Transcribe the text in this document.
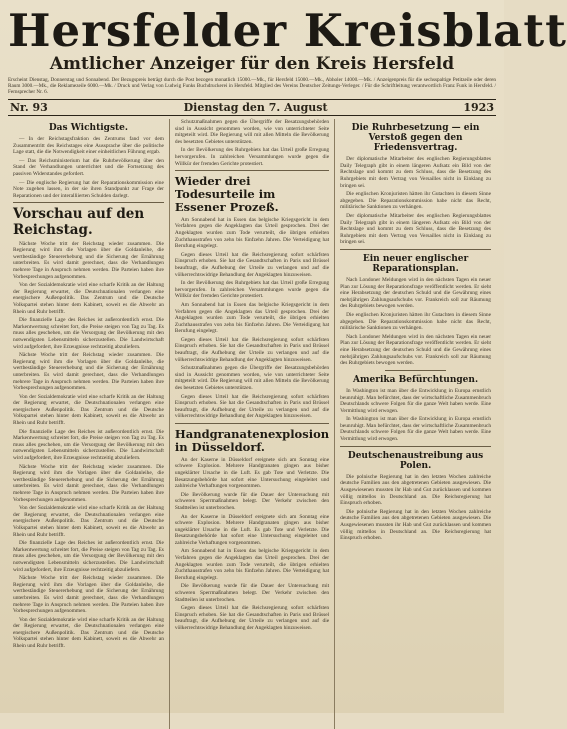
Hersfelder Kreisblatt
Amtlicher Anzeiger für den Kreis Hersfeld
Erscheint Dienstag, Donnerstag und Sonnabend. Der Bezugspreis beträgt durch die Post bezogen monatlich 15000.—Mk., für Hersfeld 15000.—Mk., Abholer 14000.—Mk. / Anzeigenpreis für die sechsspaltige Petitzeile oder deren Raum 3000.—Mk., die Reklamezeile 6000.—Mk. / Druck und Verlag von Ludwig Funks Buchdruckerei in Hersfeld. Mitglied des Vereins Deutscher Zeitungs-Verleger. / Für die Schriftleitung verantwortlich Franz Funk in Hersfeld. / Fernsprecher Nr. 6.
Nr. 93	Dienstag den 7. August	1923
Das Wichtigste.

— In der Reichstagsfraktion des Zentrums fand vor dem Zusammentritt des Reichstages eine Aussprache über die politische Lage statt, die die Notwendigkeit einer einheitlichen Führung ergab.

— Das Reichsministerium hat die Ruhrbevölkerung über den Stand der Verhandlungen unterrichtet und die Fortsetzung des passiven Widerstandes gefordert.

— Die englische Regierung hat der Reparationskommission eine Note zugehen lassen, in der sie ihren Standpunkt zur Frage der Reparationen und der interalliierten Schulden darlegt.

Vorschau auf den Reichstag.

Nächste Woche tritt der Reichstag wieder zusammen. Die Regierung wird ihm die Vorlagen über die Goldanleihe, die wertbeständige Steuererhebung und die Sicherung der Ernährung unterbreiten. Es wird damit gerechnet, dass die Verhandlungen mehrere Tage in Anspruch nehmen werden. Die Parteien haben ihre Vorbesprechungen aufgenommen.

Von der Sozialdemokratie wird eine scharfe Kritik an der Haltung der Regierung erwartet, die Deutschnationalen verlangen eine energischere Außenpolitik. Das Zentrum und die Deutsche Volkspartei stehen hinter dem Kabinett, soweit es die Abwehr an Rhein und Ruhr betrifft.

Die finanzielle Lage des Reiches ist außerordentlich ernst. Die Markentwertung schreitet fort, die Preise steigen von Tag zu Tag. Es muss alles geschehen, um die Versorgung der Bevölkerung mit den notwendigsten Lebensmitteln sicherzustellen. Die Landwirtschaft wird aufgefordert, ihre Erzeugnisse rechtzeitig abzuliefern.

Nächste Woche tritt der Reichstag wieder zusammen. Die Regierung wird ihm die Vorlagen über die Goldanleihe, die wertbeständige Steuererhebung und die Sicherung der Ernährung unterbreiten. Es wird damit gerechnet, dass die Verhandlungen mehrere Tage in Anspruch nehmen werden. Die Parteien haben ihre Vorbesprechungen aufgenommen.

Von der Sozialdemokratie wird eine scharfe Kritik an der Haltung der Regierung erwartet, die Deutschnationalen verlangen eine energischere Außenpolitik. Das Zentrum und die Deutsche Volkspartei stehen hinter dem Kabinett, soweit es die Abwehr an Rhein und Ruhr betrifft.

Die finanzielle Lage des Reiches ist außerordentlich ernst. Die Markentwertung schreitet fort, die Preise steigen von Tag zu Tag. Es muss alles geschehen, um die Versorgung der Bevölkerung mit den notwendigsten Lebensmitteln sicherzustellen. Die Landwirtschaft wird aufgefordert, ihre Erzeugnisse rechtzeitig abzuliefern.

Nächste Woche tritt der Reichstag wieder zusammen. Die Regierung wird ihm die Vorlagen über die Goldanleihe, die wertbeständige Steuererhebung und die Sicherung der Ernährung unterbreiten. Es wird damit gerechnet, dass die Verhandlungen mehrere Tage in Anspruch nehmen werden. Die Parteien haben ihre Vorbesprechungen aufgenommen.

Von der Sozialdemokratie wird eine scharfe Kritik an der Haltung der Regierung erwartet, die Deutschnationalen verlangen eine energischere Außenpolitik. Das Zentrum und die Deutsche Volkspartei stehen hinter dem Kabinett, soweit es die Abwehr an Rhein und Ruhr betrifft.

Die finanzielle Lage des Reiches ist außerordentlich ernst. Die Markentwertung schreitet fort, die Preise steigen von Tag zu Tag. Es muss alles geschehen, um die Versorgung der Bevölkerung mit den notwendigsten Lebensmitteln sicherzustellen. Die Landwirtschaft wird aufgefordert, ihre Erzeugnisse rechtzeitig abzuliefern.

Nächste Woche tritt der Reichstag wieder zusammen. Die Regierung wird ihm die Vorlagen über die Goldanleihe, die wertbeständige Steuererhebung und die Sicherung der Ernährung unterbreiten. Es wird damit gerechnet, dass die Verhandlungen mehrere Tage in Anspruch nehmen werden. Die Parteien haben ihre Vorbesprechungen aufgenommen.

Von der Sozialdemokratie wird eine scharfe Kritik an der Haltung der Regierung erwartet, die Deutschnationalen verlangen eine energischere Außenpolitik. Das Zentrum und die Deutsche Volkspartei stehen hinter dem Kabinett, soweit es die Abwehr an Rhein und Ruhr betrifft.

Schutzmaßnahmen gegen die Übergriffe der Besatzungsbehörden sind in Aussicht genommen worden, wie von unterrichteter Seite mitgeteilt wird. Die Regierung will mit allen Mitteln die Bevölkerung des besetzten Gebietes unterstützen.

In der Bevölkerung des Ruhrgebiets hat das Urteil große Erregung hervorgerufen. In zahlreichen Versammlungen wurde gegen die Willkür der fremden Gerichte protestiert.

Wieder drei Todesurteile im Essener Prozeß.

Am Sonnabend hat in Essen das belgische Kriegsgericht in dem Verfahren gegen die Angeklagten das Urteil gesprochen. Drei der Angeklagten wurden zum Tode verurteilt, die übrigen erhielten Zuchthausstrafen von zehn bis fünfzehn Jahren. Die Verteidigung hat Berufung eingelegt.

Gegen dieses Urteil hat die Reichsregierung sofort schärfsten Einspruch erhoben. Sie hat die Gesandtschaften in Paris und Brüssel beauftragt, die Aufhebung der Urteile zu verlangen und auf die völkerrechtswidrige Behandlung der Angeklagten hinzuweisen.

In der Bevölkerung des Ruhrgebiets hat das Urteil große Erregung hervorgerufen. In zahlreichen Versammlungen wurde gegen die Willkür der fremden Gerichte protestiert.

Am Sonnabend hat in Essen das belgische Kriegsgericht in dem Verfahren gegen die Angeklagten das Urteil gesprochen. Drei der Angeklagten wurden zum Tode verurteilt, die übrigen erhielten Zuchthausstrafen von zehn bis fünfzehn Jahren. Die Verteidigung hat Berufung eingelegt.

Gegen dieses Urteil hat die Reichsregierung sofort schärfsten Einspruch erhoben. Sie hat die Gesandtschaften in Paris und Brüssel beauftragt, die Aufhebung der Urteile zu verlangen und auf die völkerrechtswidrige Behandlung der Angeklagten hinzuweisen.

Schutzmaßnahmen gegen die Übergriffe der Besatzungsbehörden sind in Aussicht genommen worden, wie von unterrichteter Seite mitgeteilt wird. Die Regierung will mit allen Mitteln die Bevölkerung des besetzten Gebietes unterstützen.

Gegen dieses Urteil hat die Reichsregierung sofort schärfsten Einspruch erhoben. Sie hat die Gesandtschaften in Paris und Brüssel beauftragt, die Aufhebung der Urteile zu verlangen und auf die völkerrechtswidrige Behandlung der Angeklagten hinzuweisen.

Handgranatenexplosion in Düsseldorf.

An der Kaserne in Düsseldorf ereignete sich am Sonntag eine schwere Explosion. Mehrere Handgranaten gingen aus bisher ungeklärter Ursache in die Luft. Es gab Tote und Verletzte. Die Besatzungsbehörde hat sofort eine Untersuchung eingeleitet und zahlreiche Verhaftungen vorgenommen.

Die Bevölkerung wurde für die Dauer der Untersuchung mit schweren Sperrmaßnahmen belegt. Der Verkehr zwischen den Stadtteilen ist unterbrochen.

An der Kaserne in Düsseldorf ereignete sich am Sonntag eine schwere Explosion. Mehrere Handgranaten gingen aus bisher ungeklärter Ursache in die Luft. Es gab Tote und Verletzte. Die Besatzungsbehörde hat sofort eine Untersuchung eingeleitet und zahlreiche Verhaftungen vorgenommen.

Am Sonnabend hat in Essen das belgische Kriegsgericht in dem Verfahren gegen die Angeklagten das Urteil gesprochen. Drei der Angeklagten wurden zum Tode verurteilt, die übrigen erhielten Zuchthausstrafen von zehn bis fünfzehn Jahren. Die Verteidigung hat Berufung eingelegt.

Die Bevölkerung wurde für die Dauer der Untersuchung mit schweren Sperrmaßnahmen belegt. Der Verkehr zwischen den Stadtteilen ist unterbrochen.

Gegen dieses Urteil hat die Reichsregierung sofort schärfsten Einspruch erhoben. Sie hat die Gesandtschaften in Paris und Brüssel beauftragt, die Aufhebung der Urteile zu verlangen und auf die völkerrechtswidrige Behandlung der Angeklagten hinzuweisen.

Die Ruhrbesetzung — ein Verstoß gegen den Friedensvertrag.

Der diplomatische Mitarbeiter des englischen Regierungsblattes Daily Telegraph gibt in einem längeren Aufsatz ein Bild von der Rechtslage und kommt zu dem Schluss, dass die Besetzung des Ruhrgebiets mit dem Vertrag von Versailles nicht in Einklang zu bringen sei.

Die englischen Kronjuristen hätten ihr Gutachten in diesem Sinne abgegeben. Die Reparationskommission habe nicht das Recht, militärische Sanktionen zu verhängen.

Der diplomatische Mitarbeiter des englischen Regierungsblattes Daily Telegraph gibt in einem längeren Aufsatz ein Bild von der Rechtslage und kommt zu dem Schluss, dass die Besetzung des Ruhrgebiets mit dem Vertrag von Versailles nicht in Einklang zu bringen sei.

Ein neuer englischer Reparationsplan.

Nach Londoner Meldungen wird in den nächsten Tagen ein neuer Plan zur Lösung der Reparationsfrage veröffentlicht werden. Er sieht eine Herabsetzung der deutschen Schuld und die Gewährung eines mehrjährigen Zahlungsaufschubs vor. Frankreich soll zur Räumung des Ruhrgebiets bewogen werden.

Die englischen Kronjuristen hätten ihr Gutachten in diesem Sinne abgegeben. Die Reparationskommission habe nicht das Recht, militärische Sanktionen zu verhängen.

Nach Londoner Meldungen wird in den nächsten Tagen ein neuer Plan zur Lösung der Reparationsfrage veröffentlicht werden. Er sieht eine Herabsetzung der deutschen Schuld und die Gewährung eines mehrjährigen Zahlungsaufschubs vor. Frankreich soll zur Räumung des Ruhrgebiets bewogen werden.

Amerika Befürchtungen.

In Washington ist man über die Entwicklung in Europa ernstlich beunruhigt. Man befürchtet, dass der wirtschaftliche Zusammenbruch Deutschlands schwere Folgen für die ganze Welt haben werde. Eine Vermittlung wird erwogen.

In Washington ist man über die Entwicklung in Europa ernstlich beunruhigt. Man befürchtet, dass der wirtschaftliche Zusammenbruch Deutschlands schwere Folgen für die ganze Welt haben werde. Eine Vermittlung wird erwogen.

Deutschenaustreibung aus Polen.

Die polnische Regierung hat in den letzten Wochen zahlreiche deutsche Familien aus den abgetretenen Gebieten ausgewiesen. Die Ausgewiesenen mussten ihr Hab und Gut zurücklassen und kommen völlig mittellos in Deutschland an. Die Reichsregierung hat Einspruch erhoben.

Die polnische Regierung hat in den letzten Wochen zahlreiche deutsche Familien aus den abgetretenen Gebieten ausgewiesen. Die Ausgewiesenen mussten ihr Hab und Gut zurücklassen und kommen völlig mittellos in Deutschland an. Die Reichsregierung hat Einspruch erhoben.
